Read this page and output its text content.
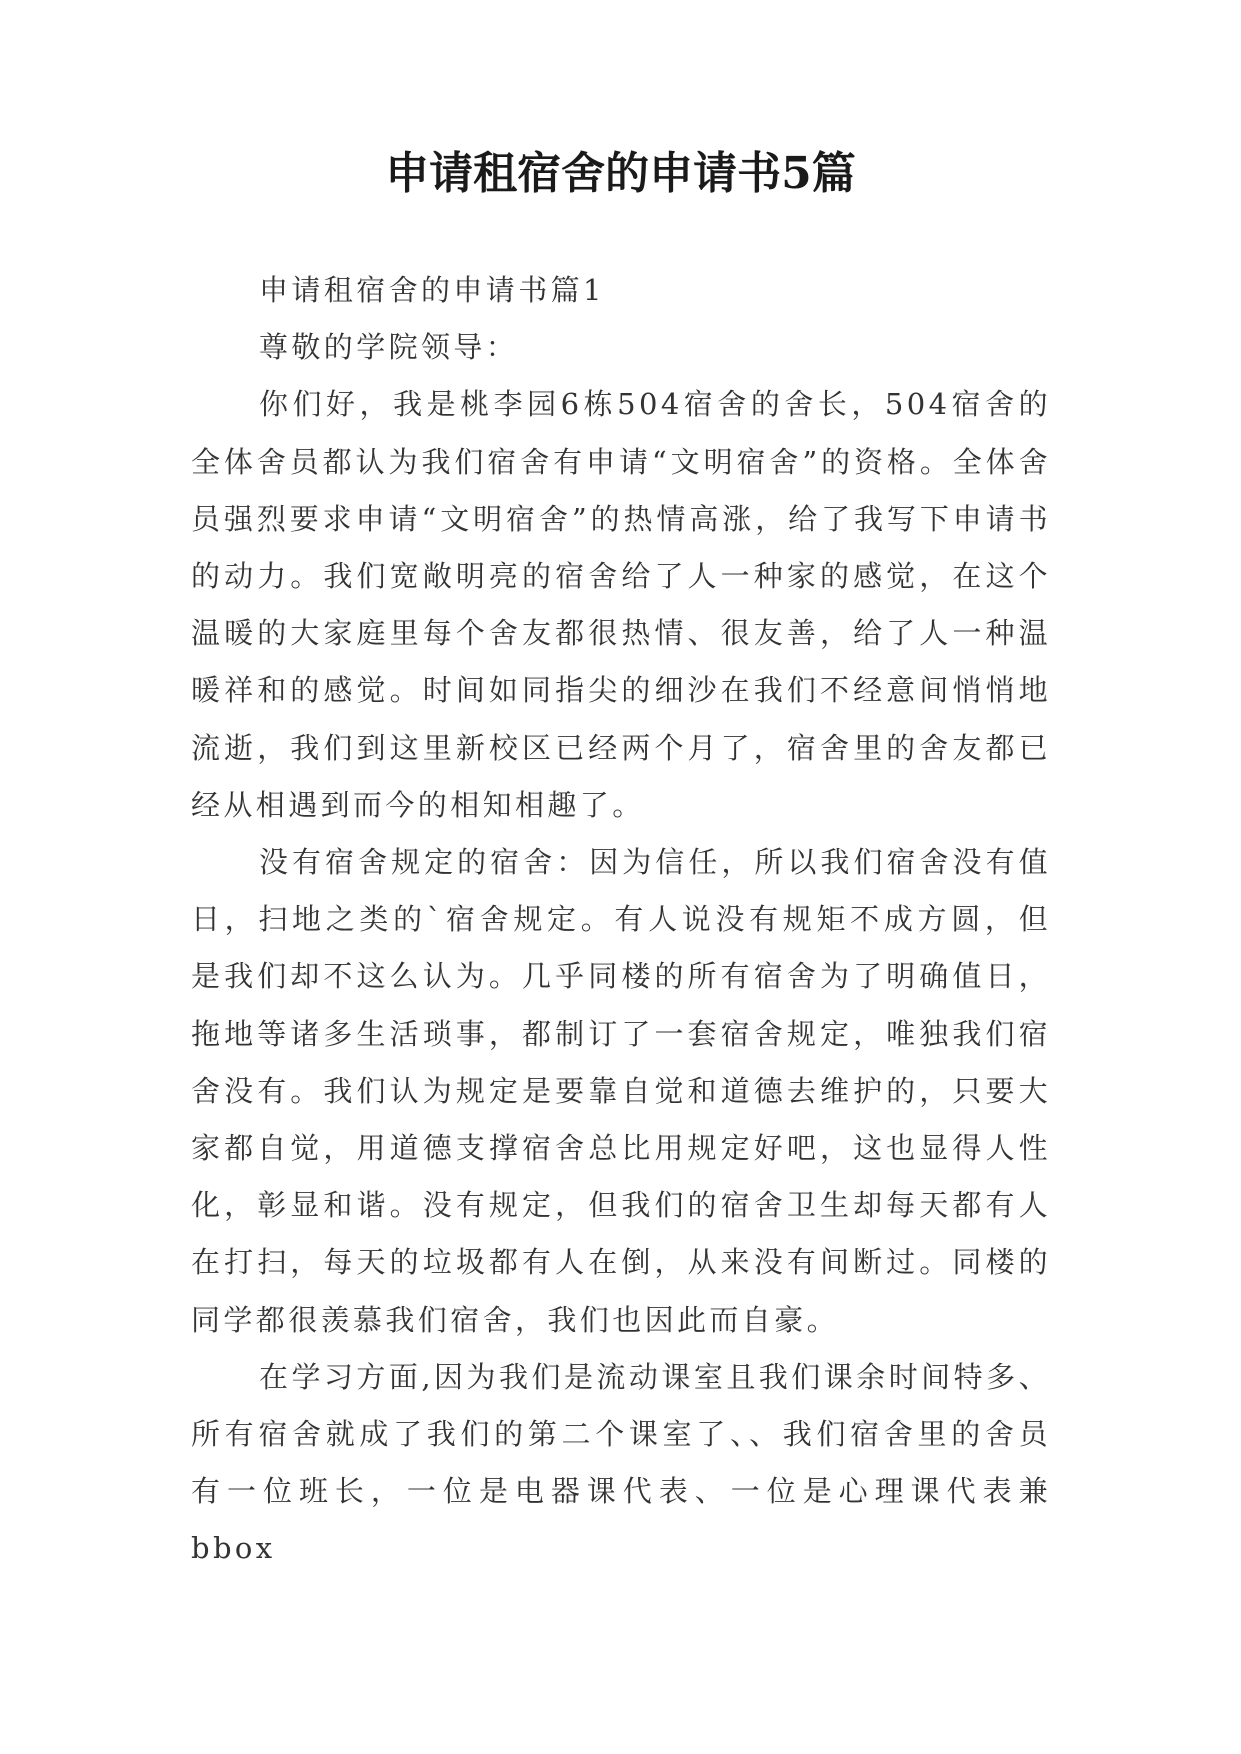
申请租宿舍的申请书5篇

申请租宿舍的申请书篇1

尊敬的学院领导：

你们好，我是桃李园6栋504宿舍的舍长，504宿舍的全体舍员都认为我们宿舍有申请“文明宿舍”的资格。全体舍员强烈要求申请“文明宿舍”的热情高涨，给了我写下申请书的动力。我们宽敞明亮的宿舍给了人一种家的感觉，在这个温暖的大家庭里每个舍友都很热情、很友善，给了人一种温暖祥和的感觉。时间如同指尖的细沙在我们不经意间悄悄地流逝，我们到这里新校区已经两个月了，宿舍里的舍友都已经从相遇到而今的相知相趣了。

没有宿舍规定的宿舍：因为信任，所以我们宿舍没有值日，扫地之类的`宿舍规定。有人说没有规矩不成方圆，但是我们却不这么认为。几乎同楼的所有宿舍为了明确值日，拖地等诸多生活琐事，都制订了一套宿舍规定，唯独我们宿舍没有。我们认为规定是要靠自觉和道德去维护的，只要大家都自觉，用道德支撑宿舍总比用规定好吧，这也显得人性化，彰显和谐。没有规定，但我们的宿舍卫生却每天都有人在打扫，每天的垃圾都有人在倒，从来没有间断过。同楼的同学都很羡慕我们宿舍，我们也因此而自豪。

在学习方面,因为我们是流动课室且我们课余时间特多、所有宿舍就成了我们的第二个课室了、、我们宿舍里的舍员有一位班长，一位是电器课代表、一位是心理课代表兼bbox
